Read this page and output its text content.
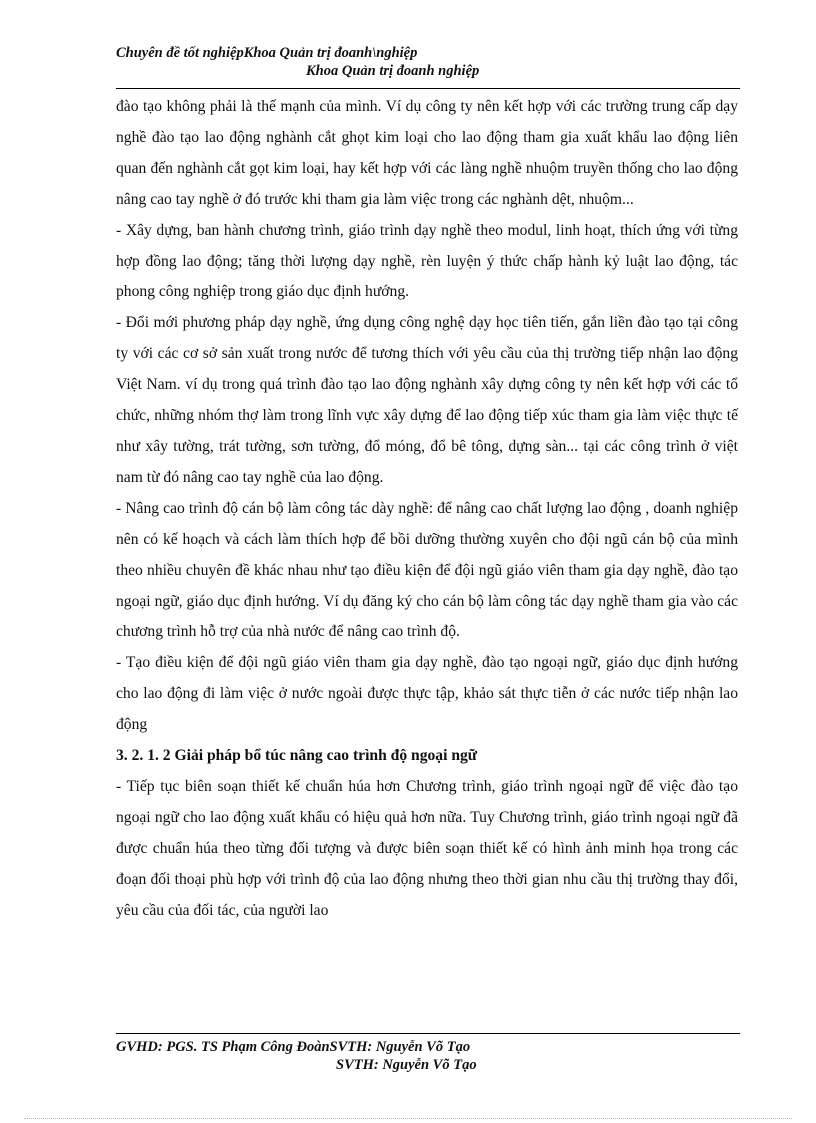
Chuyên đề tốt nghiệpKhoa Quản trị đoanh\nghiệp
Khoa Quản trị đoanh nghiệp

đào tạo không phải là thế mạnh của mình. Ví dụ công ty nên kết hợp với các trường trung cấp dạy nghề đào tạo lao động nghành cắt ghọt kim loại cho lao động tham gia xuất khẩu lao động liên quan đến nghành cắt gọt kim loại, hay kết hợp với các làng nghề nhuộm truyền thống cho lao động nâng cao tay nghề ở đó trước khi tham gia làm việc trong các nghành dệt, nhuộm...

- Xây dựng, ban hành chương trình, giáo trình dạy nghề theo modul, linh hoạt, thích ứng với từng hợp đồng lao động; tăng thời lượng dạy nghề, rèn luyện ý thức chấp hành kỷ luật lao động, tác phong công nghiệp trong giáo dục định hướng.

- Đổi mới phương pháp dạy nghề, ứng dụng công nghệ dạy học tiên tiến, gắn liền đào tạo tại công ty với các cơ sở sản xuất trong nước để tương thích với yêu cầu của thị trường tiếp nhận lao động Việt Nam. ví dụ trong quá trình đào tạo lao động nghành xây dựng công ty nên kết hợp với các tổ chức, những nhóm thợ làm trong lĩnh vực xây dựng để lao động tiếp xúc tham gia làm việc thực tế như xây tường, trát tường, sơn tường, đổ móng, đổ bê tông, dựng sàn... tại các công trình ở việt nam từ đó nâng cao tay nghề của lao động.

- Nâng cao trình độ cán bộ làm công tác dày nghề: để nâng cao chất lượng lao động , doanh nghiệp nên có kế hoạch và cách làm thích hợp để bồi dưỡng thường xuyên cho đội ngũ cán bộ của mình theo nhiều chuyên đề khác nhau như tạo điều kiện để đội ngũ giáo viên tham gia dạy nghề, đào tạo ngoại ngữ, giáo dục định hướng. Ví dụ đăng ký cho cán bộ làm công tác dạy nghề tham gia vào các chương trình hỗ trợ của nhà nước để nâng cao trình độ.

- Tạo điều kiện để đội ngũ giáo viên tham gia dạy nghề, đào tạo ngoại ngữ, giáo dục định hướng cho lao động đi làm việc ở nước ngoài được thực tập, khảo sát thực tiễn ở các nước tiếp nhận lao động

3. 2. 1. 2 Giải pháp bổ túc nâng cao trình độ ngoại ngữ

- Tiếp tục biên soạn thiết kế chuẩn húa hơn Chương trình, giáo trình ngoại ngữ để việc đào tạo ngoại ngữ cho lao động xuất khẩu có hiệu quả hơn nữa. Tuy Chương trình, giáo trình ngoại ngữ đã được chuẩn húa theo từng đối tượng và được biên soạn thiết kế có hình ảnh minh họa trong các đoạn đối thoại phù hợp với trình độ của lao động nhưng theo thời gian nhu cầu thị trường thay đổi, yêu cầu của đối tác, của người lao

GVHD: PGS. TS Phạm Công ĐoànSVTH: Nguyễn Võ Tạo
SVTH: Nguyễn Võ Tạo
